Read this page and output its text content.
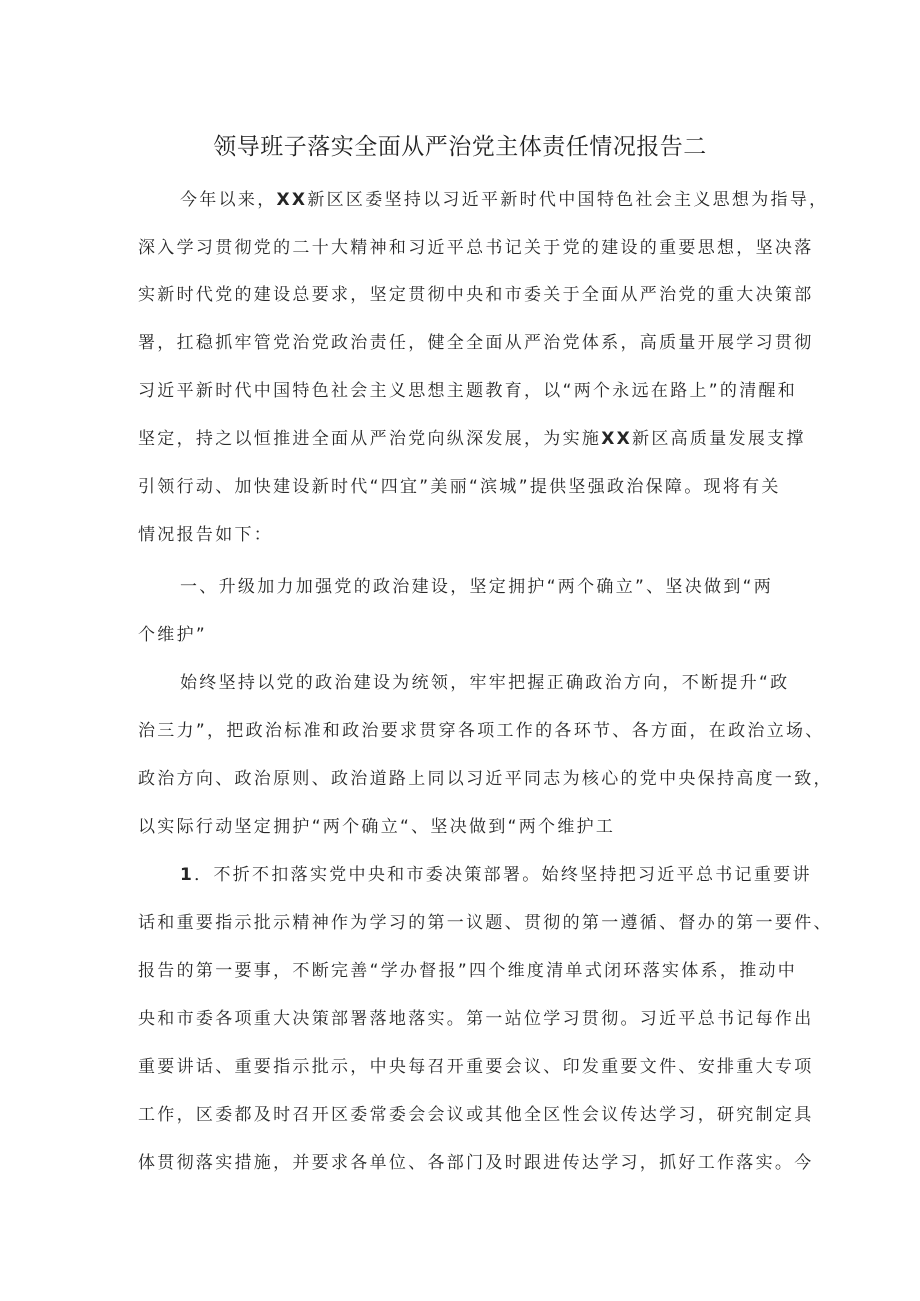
领导班子落实全面从严治党主体责任情况报告二
今年以来，XX新区区委坚持以习近平新时代中国特色社会主义思想为指导，
深入学习贯彻党的二十大精神和习近平总书记关于党的建设的重要思想，坚决落
实新时代党的建设总要求，坚定贯彻中央和市委关于全面从严治党的重大决策部
署，扛稳抓牢管党治党政治责任，健全全面从严治党体系，高质量开展学习贯彻
习近平新时代中国特色社会主义思想主题教育，以“两个永远在路上”的清醒和
坚定，持之以恒推进全面从严治党向纵深发展，为实施XX新区高质量发展支撑
引领行动、加快建设新时代“四宜”美丽“滨城”提供坚强政治保障。现将有关
情况报告如下：
一、升级加力加强党的政治建设，坚定拥护“两个确立”、坚决做到“两
个维护”
始终坚持以党的政治建设为统领，牢牢把握正确政治方向，不断提升“政
治三力”，把政治标准和政治要求贯穿各项工作的各环节、各方面，在政治立场、
政治方向、政治原则、政治道路上同以习近平同志为核心的党中央保持高度一致，
以实际行动坚定拥护“两个确立“、坚决做到“两个维护工
1．不折不扣落实党中央和市委决策部署。始终坚持把习近平总书记重要讲
话和重要指示批示精神作为学习的第一议题、贯彻的第一遵循、督办的第一要件、
报告的第一要事，不断完善“学办督报”四个维度清单式闭环落实体系，推动中
央和市委各项重大决策部署落地落实。第一站位学习贯彻。习近平总书记每作出
重要讲话、重要指示批示，中央每召开重要会议、印发重要文件、安排重大专项
工作，区委都及时召开区委常委会会议或其他全区性会议传达学习，研究制定具
体贯彻落实措施，并要求各单位、各部门及时跟进传达学习，抓好工作落实。今
